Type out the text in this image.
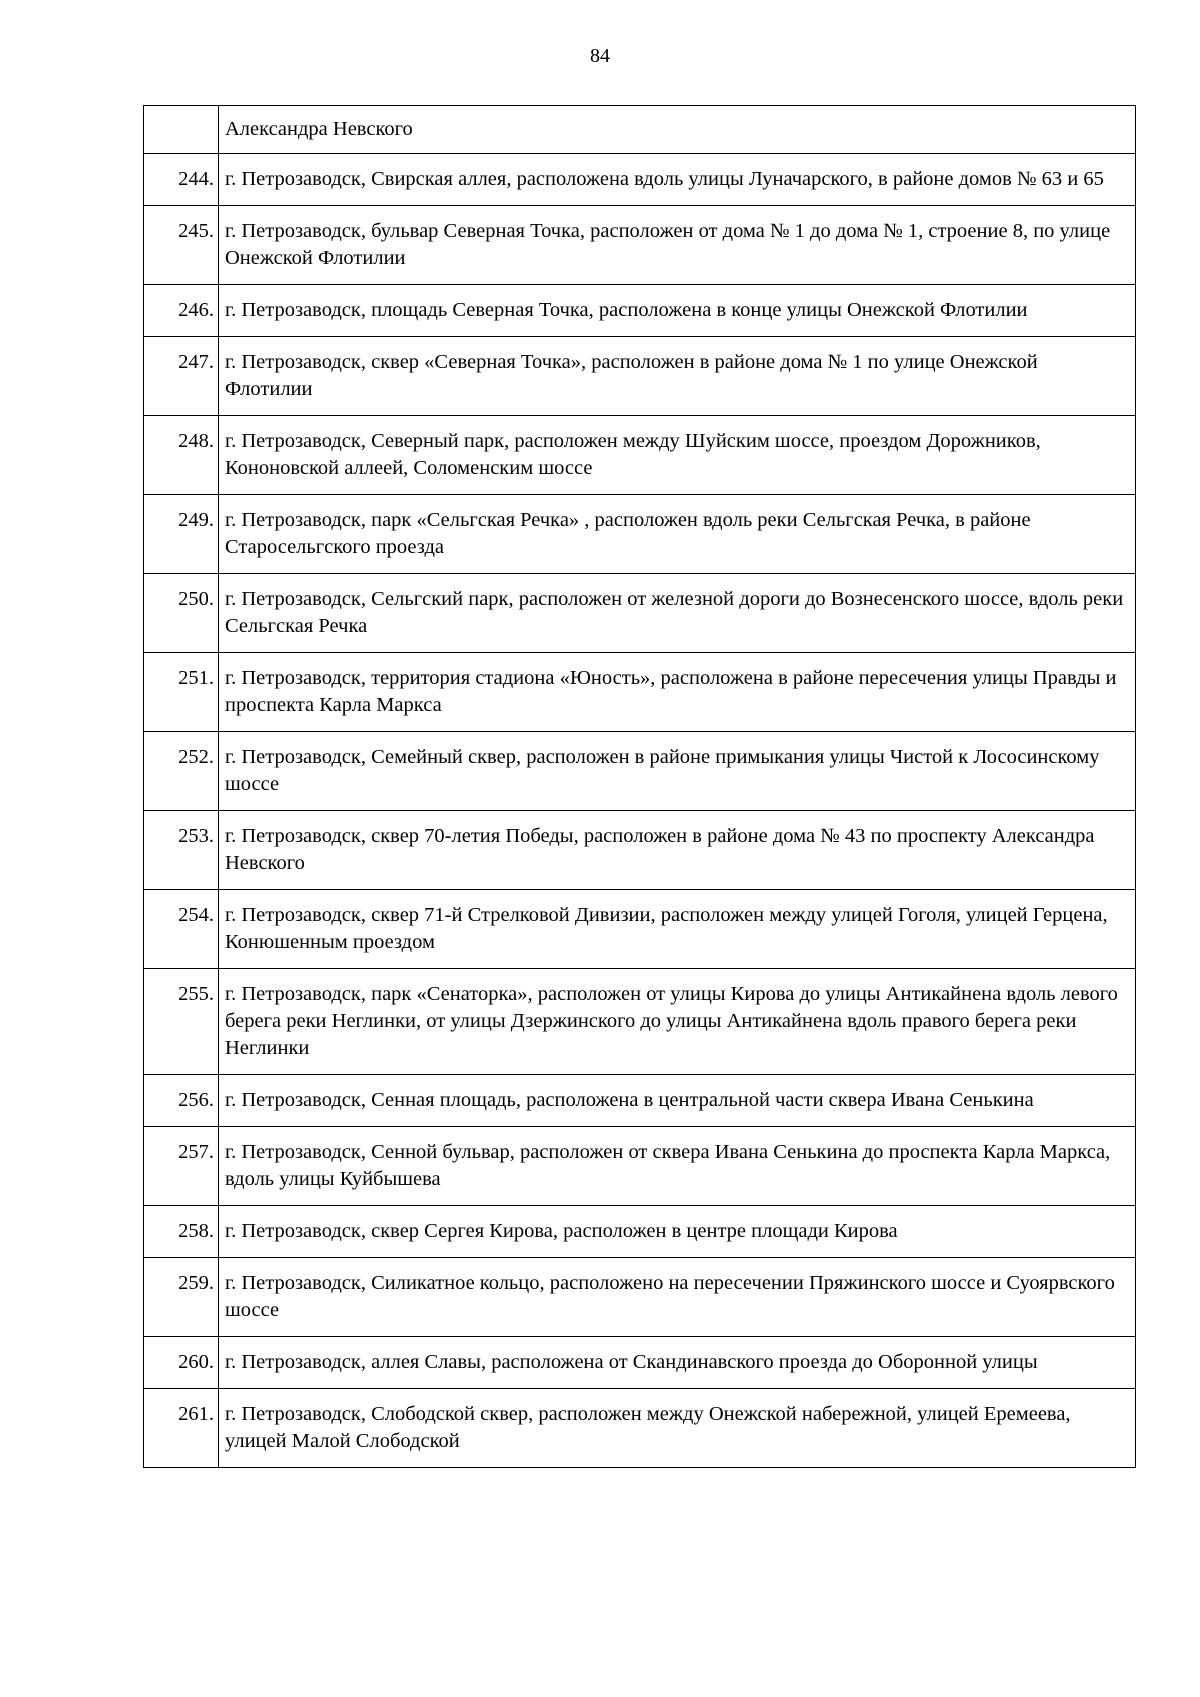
84
	Александра Невского
244.	г. Петрозаводск, Свирская аллея, расположена вдоль улицы Луначарского, в районе домов № 63 и 65
245.	г. Петрозаводск, бульвар Северная Точка, расположен от дома № 1 до дома № 1, строение 8, по улице Онежской Флотилии
246.	г. Петрозаводск, площадь Северная Точка, расположена в конце улицы Онежской Флотилии
247.	г. Петрозаводск, сквер «Северная Точка», расположен в районе дома № 1 по улице Онежской Флотилии
248.	г. Петрозаводск, Северный парк, расположен между Шуйским шоссе, проездом Дорожников, Кононовской аллеей, Соломенским шоссе
249.	г. Петрозаводск, парк «Сельгская Речка» , расположен вдоль реки Сельгская Речка, в районе Старосельгского проезда
250.	г. Петрозаводск, Сельгский парк, расположен от железной дороги до Вознесенского шоссе, вдоль реки Сельгская Речка
251.	г. Петрозаводск, территория стадиона «Юность», расположена в районе пересечения улицы Правды и проспекта Карла Маркса
252.	г. Петрозаводск, Семейный сквер, расположен в районе примыкания улицы Чистой к Лососинскому шоссе
253.	г. Петрозаводск, сквер 70-летия Победы, расположен в районе дома № 43 по проспекту Александра Невского
254.	г. Петрозаводск, сквер 71-й Стрелковой Дивизии, расположен между улицей Гоголя, улицей Герцена, Конюшенным проездом
255.	г. Петрозаводск, парк «Сенаторка», расположен от улицы Кирова до улицы Антикайнена вдоль левого берега реки Неглинки, от улицы Дзержинского до улицы Антикайнена вдоль правого берега реки Неглинки
256.	г. Петрозаводск, Сенная площадь, расположена в центральной части сквера Ивана Сенькина
257.	г. Петрозаводск, Сенной бульвар, расположен от сквера Ивана Сенькина до проспекта Карла Маркса, вдоль улицы Куйбышева
258.	г. Петрозаводск, сквер Сергея Кирова, расположен в центре площади Кирова
259.	г. Петрозаводск, Силикатное кольцо, расположено на пересечении Пряжинского шоссе и Суоярвского шоссе
260.	г. Петрозаводск, аллея Славы, расположена от Скандинавского проезда до Оборонной улицы
261.	г. Петрозаводск, Слободской сквер, расположен между Онежской набережной, улицей Еремеева, улицей Малой Слободской
